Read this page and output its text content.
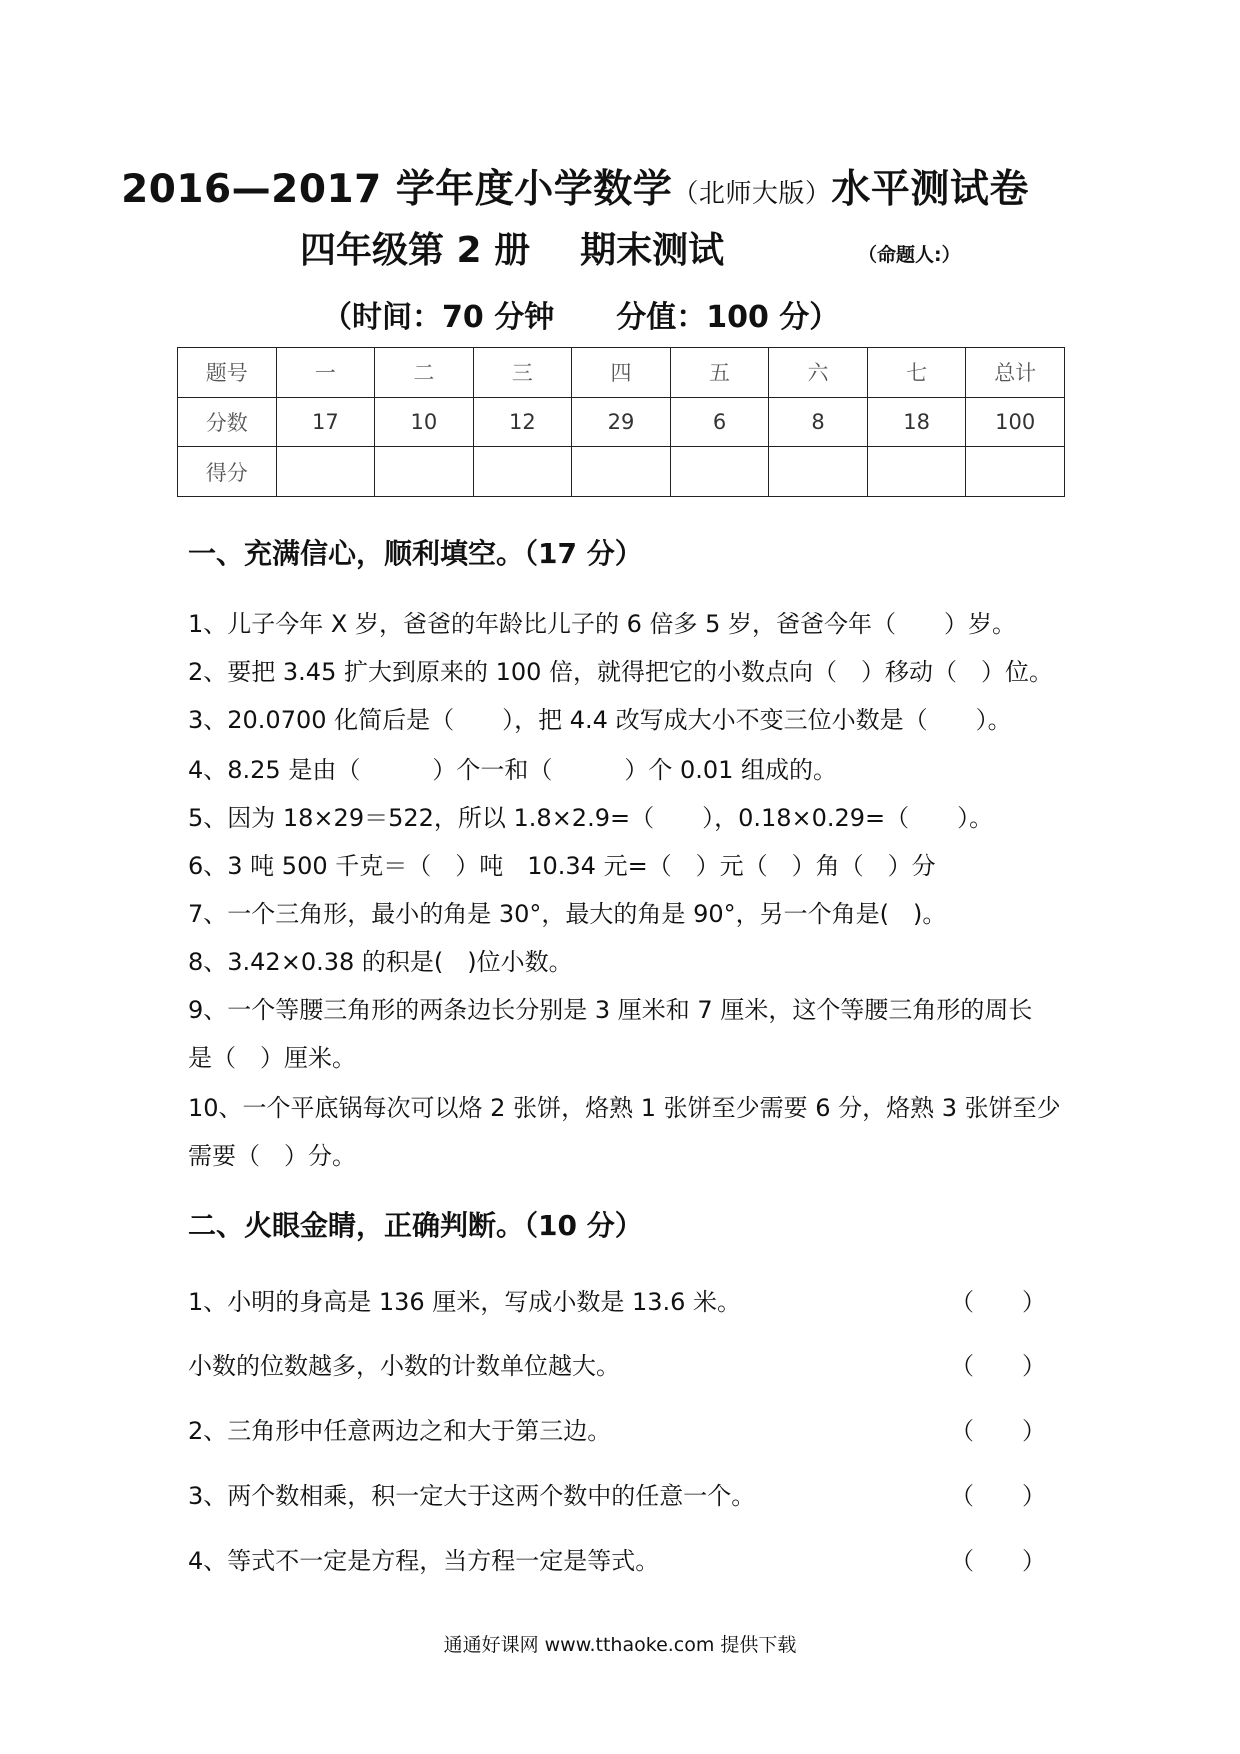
2016—2017 学年度小学数学（北师大版）水平测试卷
四年级第 2 册 期末测试	（命题人:）
（时间：70 分钟 分值：100 分）
题号	一	二	三	四	五	六	七	总计
分数	17	10	12	29	6	8	18	100
得分								
一、充满信心，顺利填空。（17 分）
1、儿子今年 X 岁，爸爸的年龄比儿子的 6 倍多 5 岁，爸爸今年（　　）岁。
2、要把 3.45 扩大到原来的 100 倍，就得把它的小数点向（　）移动（　）位。
3、20.0700 化简后是（　　），把 4.4 改写成大小不变三位小数是（　　）。
4、8.25 是由（　　　）个一和（　　　）个 0.01 组成的。
5、因为 18×29＝522，所以 1.8×2.9=（　　），0.18×0.29=（　　）。
6、3 吨 500 千克＝（　）吨　10.34 元=（　）元（　）角（　）分
7、一个三角形，最小的角是 30°，最大的角是 90°，另一个角是(　)。
8、3.42×0.38 的积是(　)位小数。
9、一个等腰三角形的两条边长分别是 3 厘米和 7 厘米，这个等腰三角形的周长
是（　）厘米。
10、一个平底锅每次可以烙 2 张饼，烙熟 1 张饼至少需要 6 分，烙熟 3 张饼至少
需要（　）分。
二、火眼金睛，正确判断。（10 分）
1、小明的身高是 136 厘米，写成小数是 13.6 米。	（　　）
小数的位数越多，小数的计数单位越大。	（　　）
2、三角形中任意两边之和大于第三边。	（　　）
3、两个数相乘，积一定大于这两个数中的任意一个。	（　　）
4、等式不一定是方程，当方程一定是等式。	（　　）
通通好课网 www.tthaoke.com 提供下载
